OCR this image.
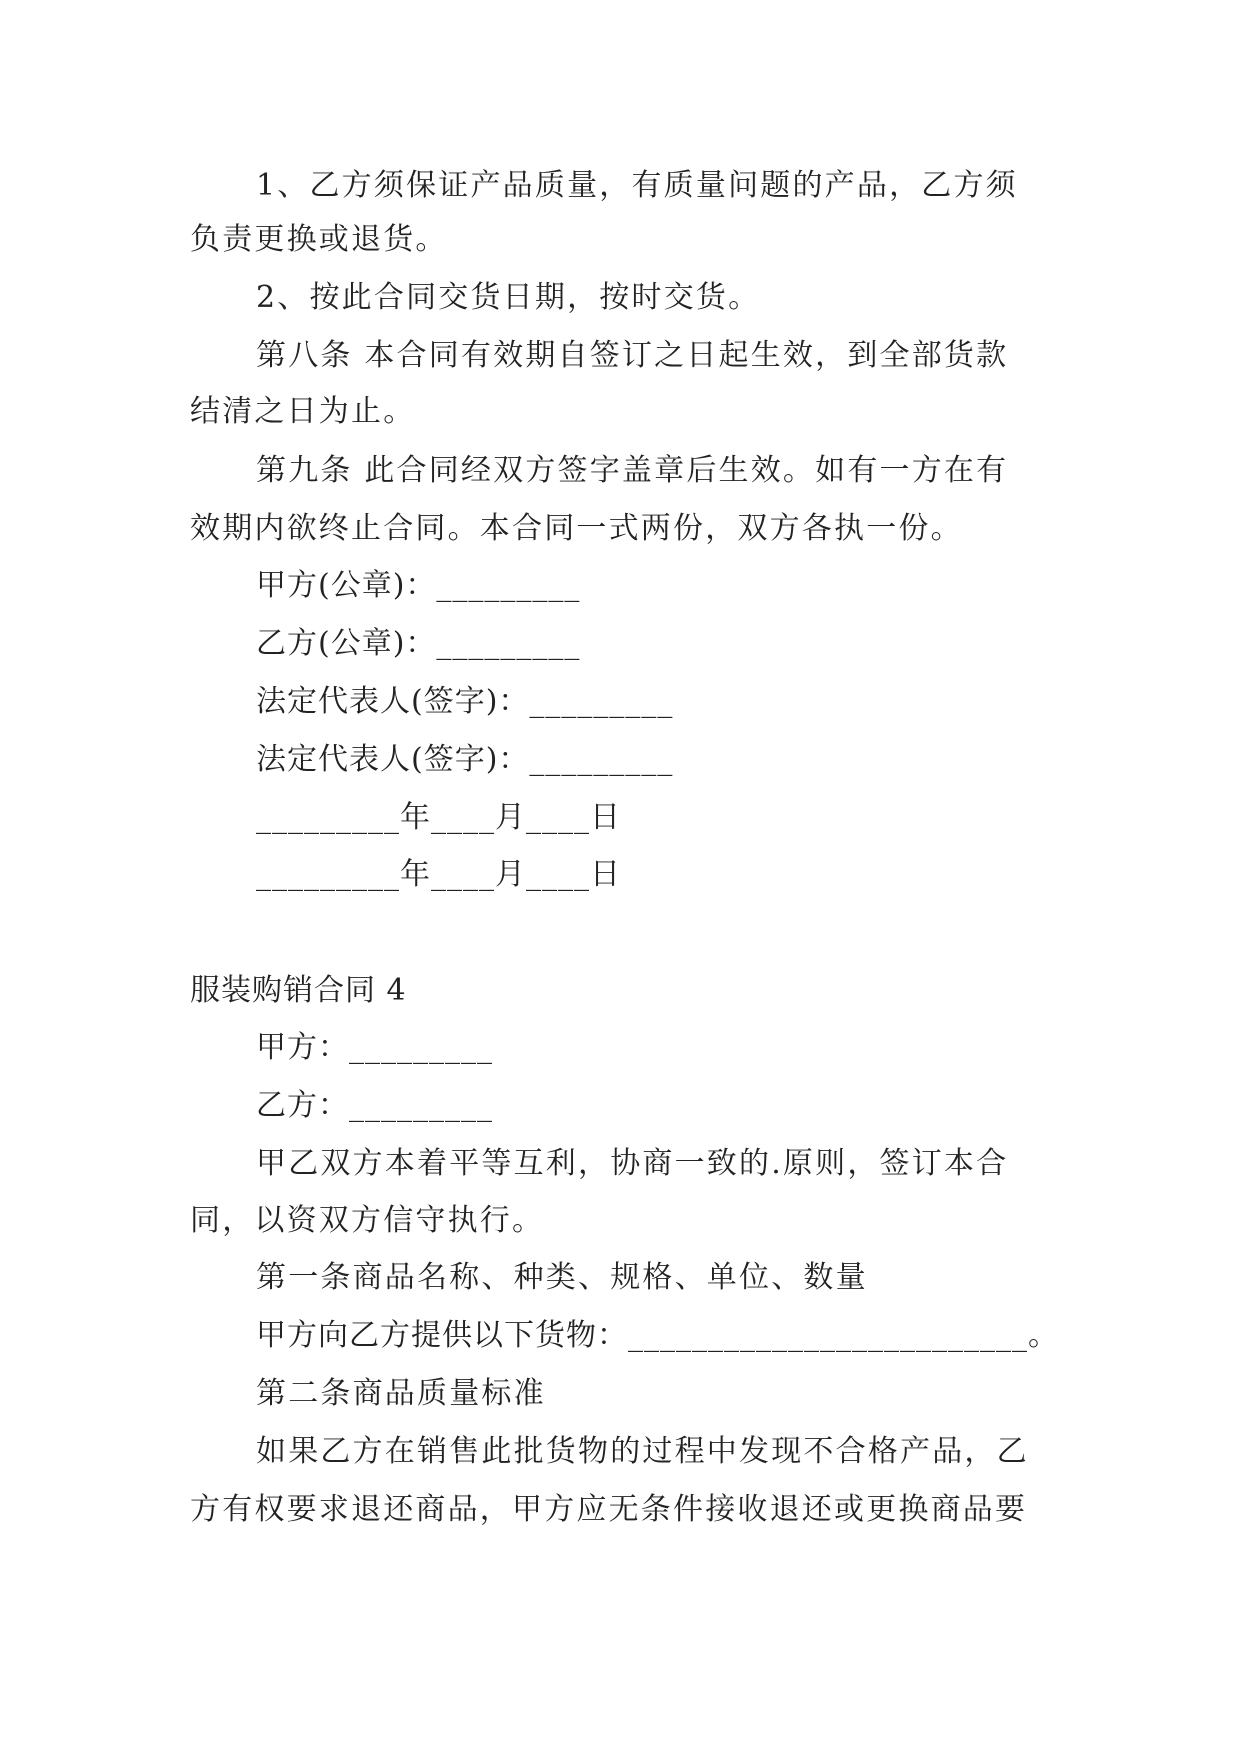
1、乙方须保证产品质量，有质量问题的产品，乙方须
负责更换或退货。
2、按此合同交货日期，按时交货。
第八条 本合同有效期自签订之日起生效，到全部货款
结清之日为止。
第九条 此合同经双方签字盖章后生效。如有一方在有
效期内欲终止合同。本合同一式两份，双方各执一份。
甲方(公章)：_________
乙方(公章)：_________
法定代表人(签字)：_________
法定代表人(签字)：_________
_________年____月____日
_________年____月____日
服装购销合同 4
甲方：_________
乙方：_________
甲乙双方本着平等互利，协商一致的.原则，签订本合
同，以资双方信守执行。
第一条商品名称、种类、规格、单位、数量
甲方向乙方提供以下货物：_________________________。
第二条商品质量标准
如果乙方在销售此批货物的过程中发现不合格产品，乙
方有权要求退还商品，甲方应无条件接收退还或更换商品要
